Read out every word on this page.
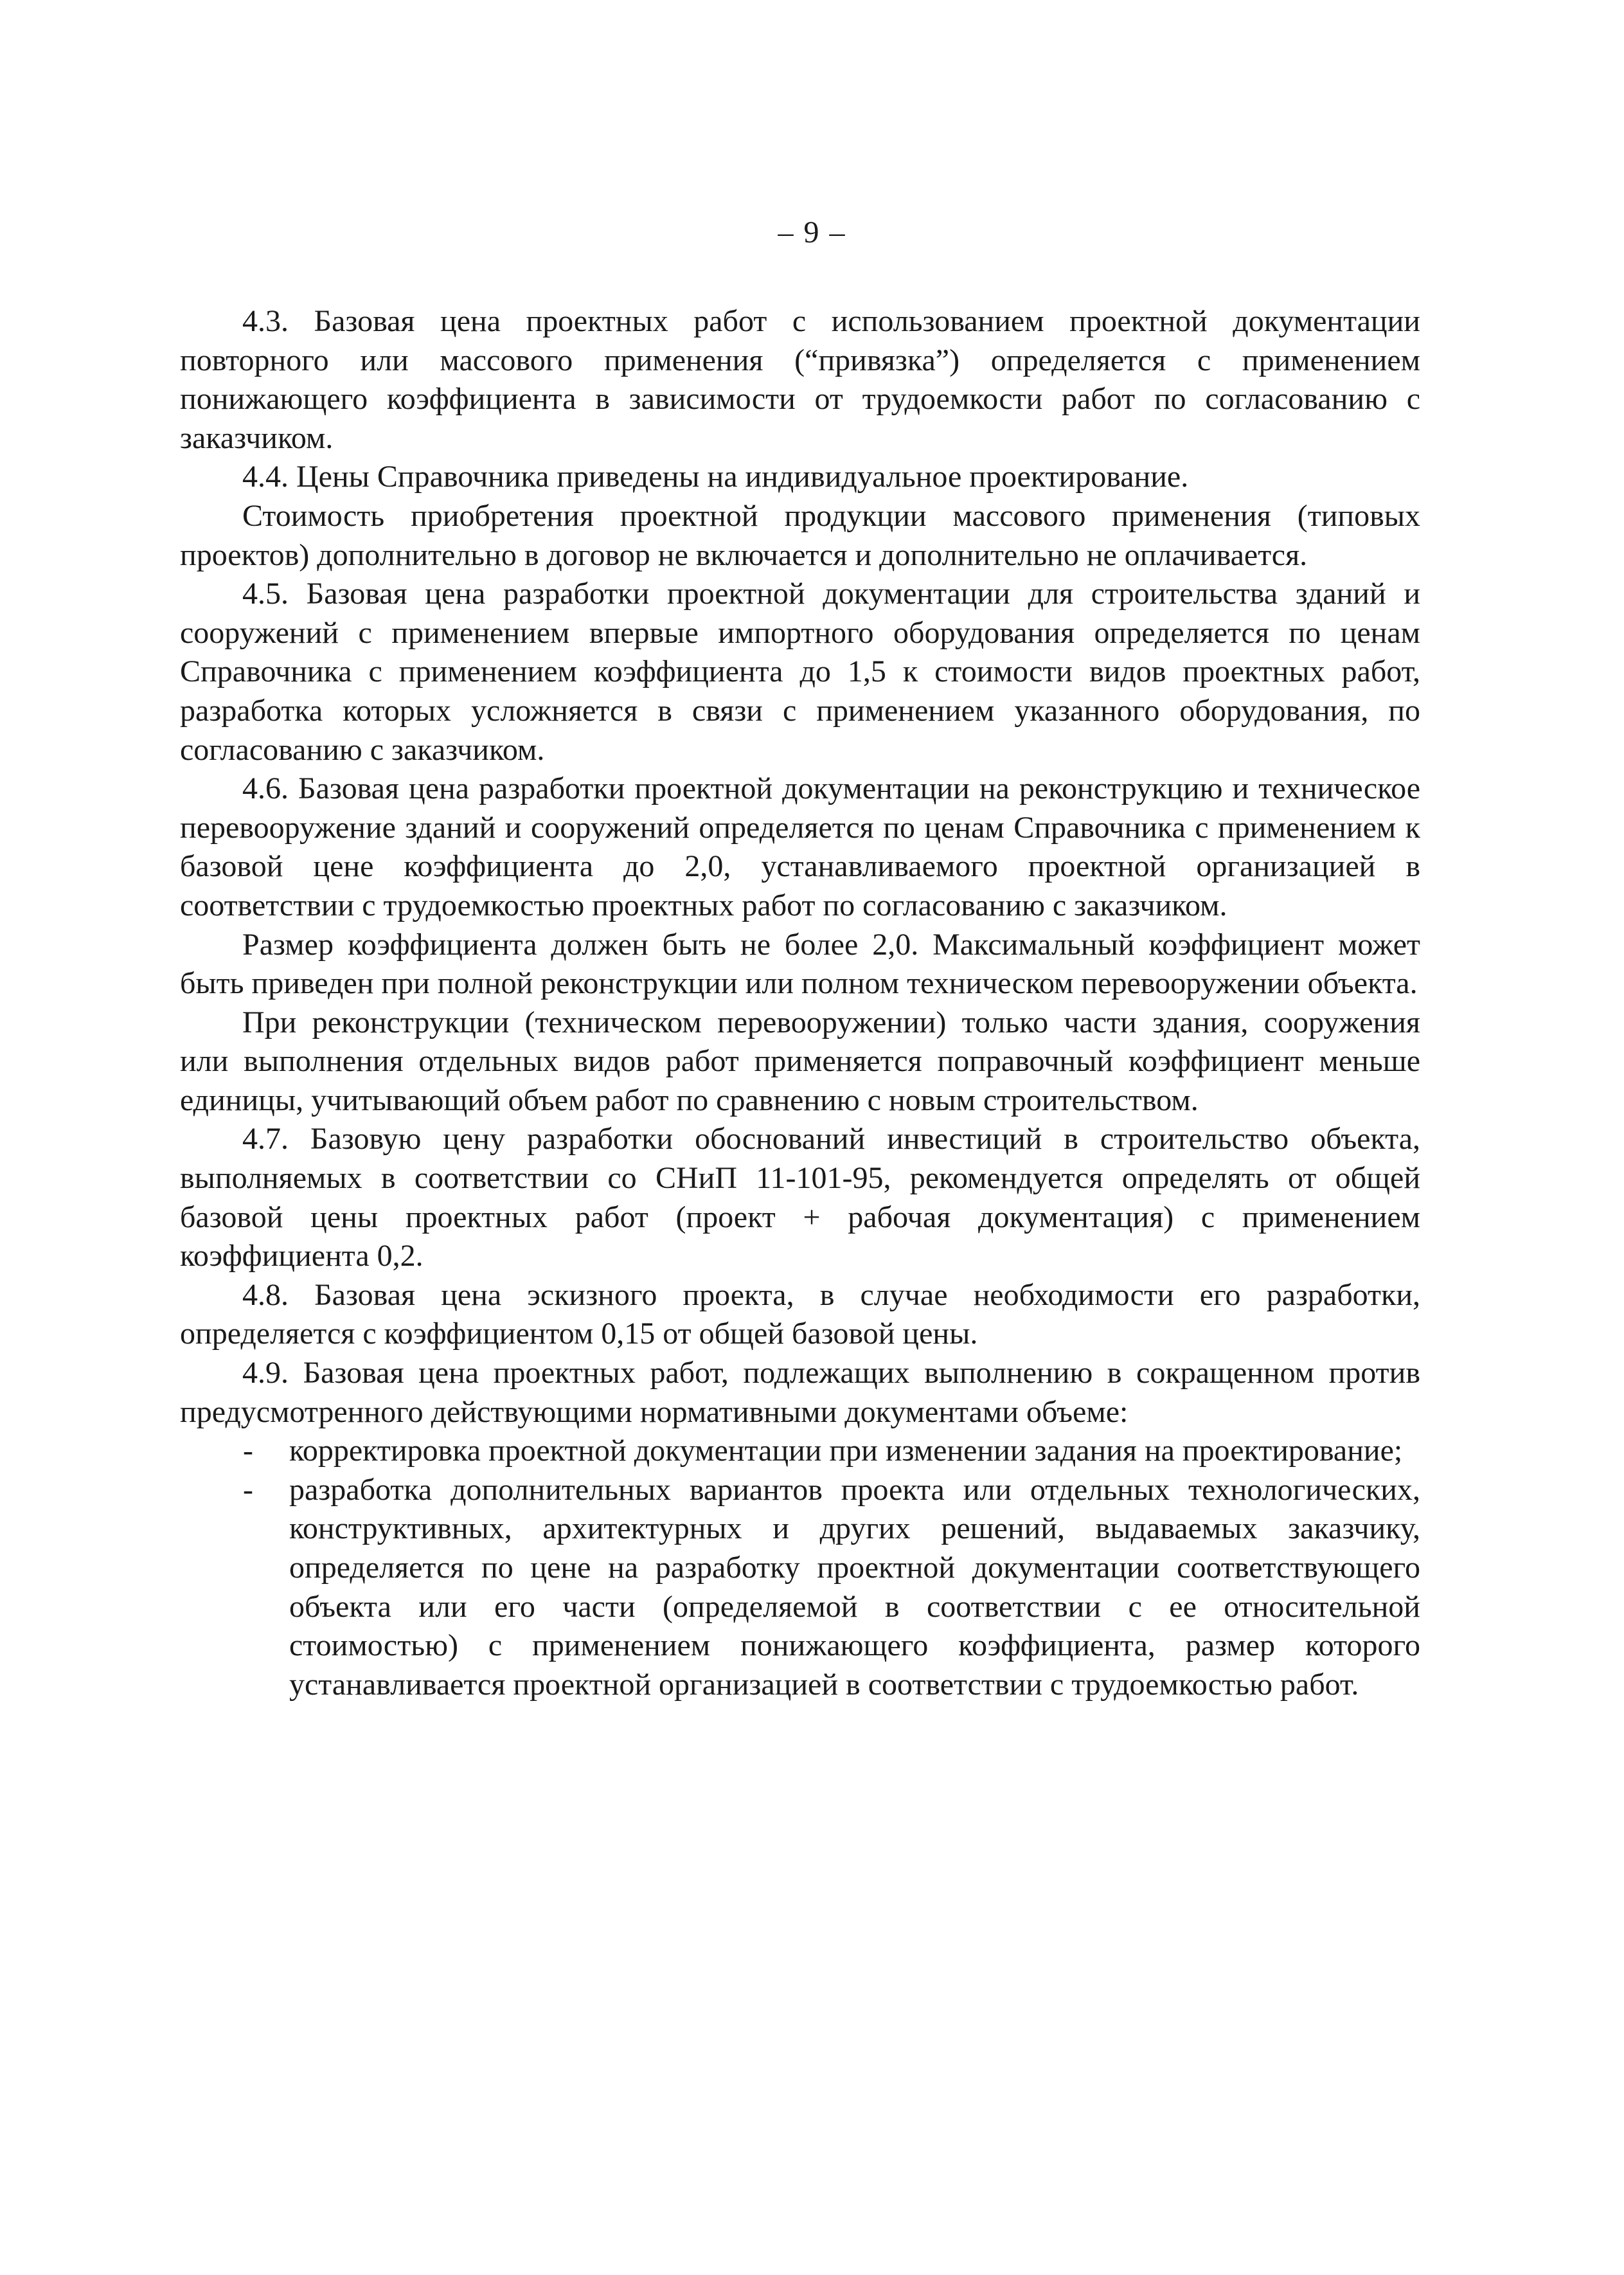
– 9 –

4.3. Базовая цена проектных работ с использованием проектной документации повторного или массового применения (“привязка”) определяется с применением понижающего коэффициента в зависимости от трудоемкости работ по согласованию с заказчиком.

4.4. Цены Справочника приведены на индивидуальное проектирование.

Стоимость приобретения проектной продукции массового применения (типовых проектов) дополнительно в договор не включается и дополнительно не оплачивается.

4.5. Базовая цена разработки проектной документации для строительства зданий и сооружений с применением впервые импортного оборудования определяется по ценам Справочника с применением коэффициента до 1,5 к стоимости видов проектных работ, разработка которых усложняется в связи с применением указанного оборудования, по согласованию с заказчиком.

4.6. Базовая цена разработки проектной документации на реконструкцию и техническое перевооружение зданий и сооружений определяется по ценам Справочника с применением к базовой цене коэффициента до 2,0, устанавливаемого проектной организацией в соответствии с трудоемкостью проектных работ по согласованию с заказчиком.

Размер коэффициента должен быть не более 2,0. Максимальный коэффициент может быть приведен при полной реконструкции или полном техническом перевооружении объекта.

При реконструкции (техническом перевооружении) только части здания, сооружения или выполнения отдельных видов работ применяется поправочный коэффициент меньше единицы, учитывающий объем работ по сравнению с новым строительством.

4.7. Базовую цену разработки обоснований инвестиций в строительство объекта, выполняемых в соответствии со СНиП 11-101-95, рекомендуется определять от общей базовой цены проектных работ (проект + рабочая документация) с применением коэффициента 0,2.

4.8. Базовая цена эскизного проекта, в случае необходимости его разработки, определяется с коэффициентом 0,15 от общей базовой цены.

4.9. Базовая цена проектных работ, подлежащих выполнению в сокращенном против предусмотренного действующими нормативными документами объеме:

- корректировка проектной документации при изменении задания на проектирование;
- разработка дополнительных вариантов проекта или отдельных технологических, конструктивных, архитектурных и других решений, выдаваемых заказчику, определяется по цене на разработку проектной документации соответствующего объекта или его части (определяемой в соответствии с ее относительной стоимостью) с применением понижающего коэффициента, размер которого устанавливается проектной организацией в соответствии с трудоемкостью работ.
